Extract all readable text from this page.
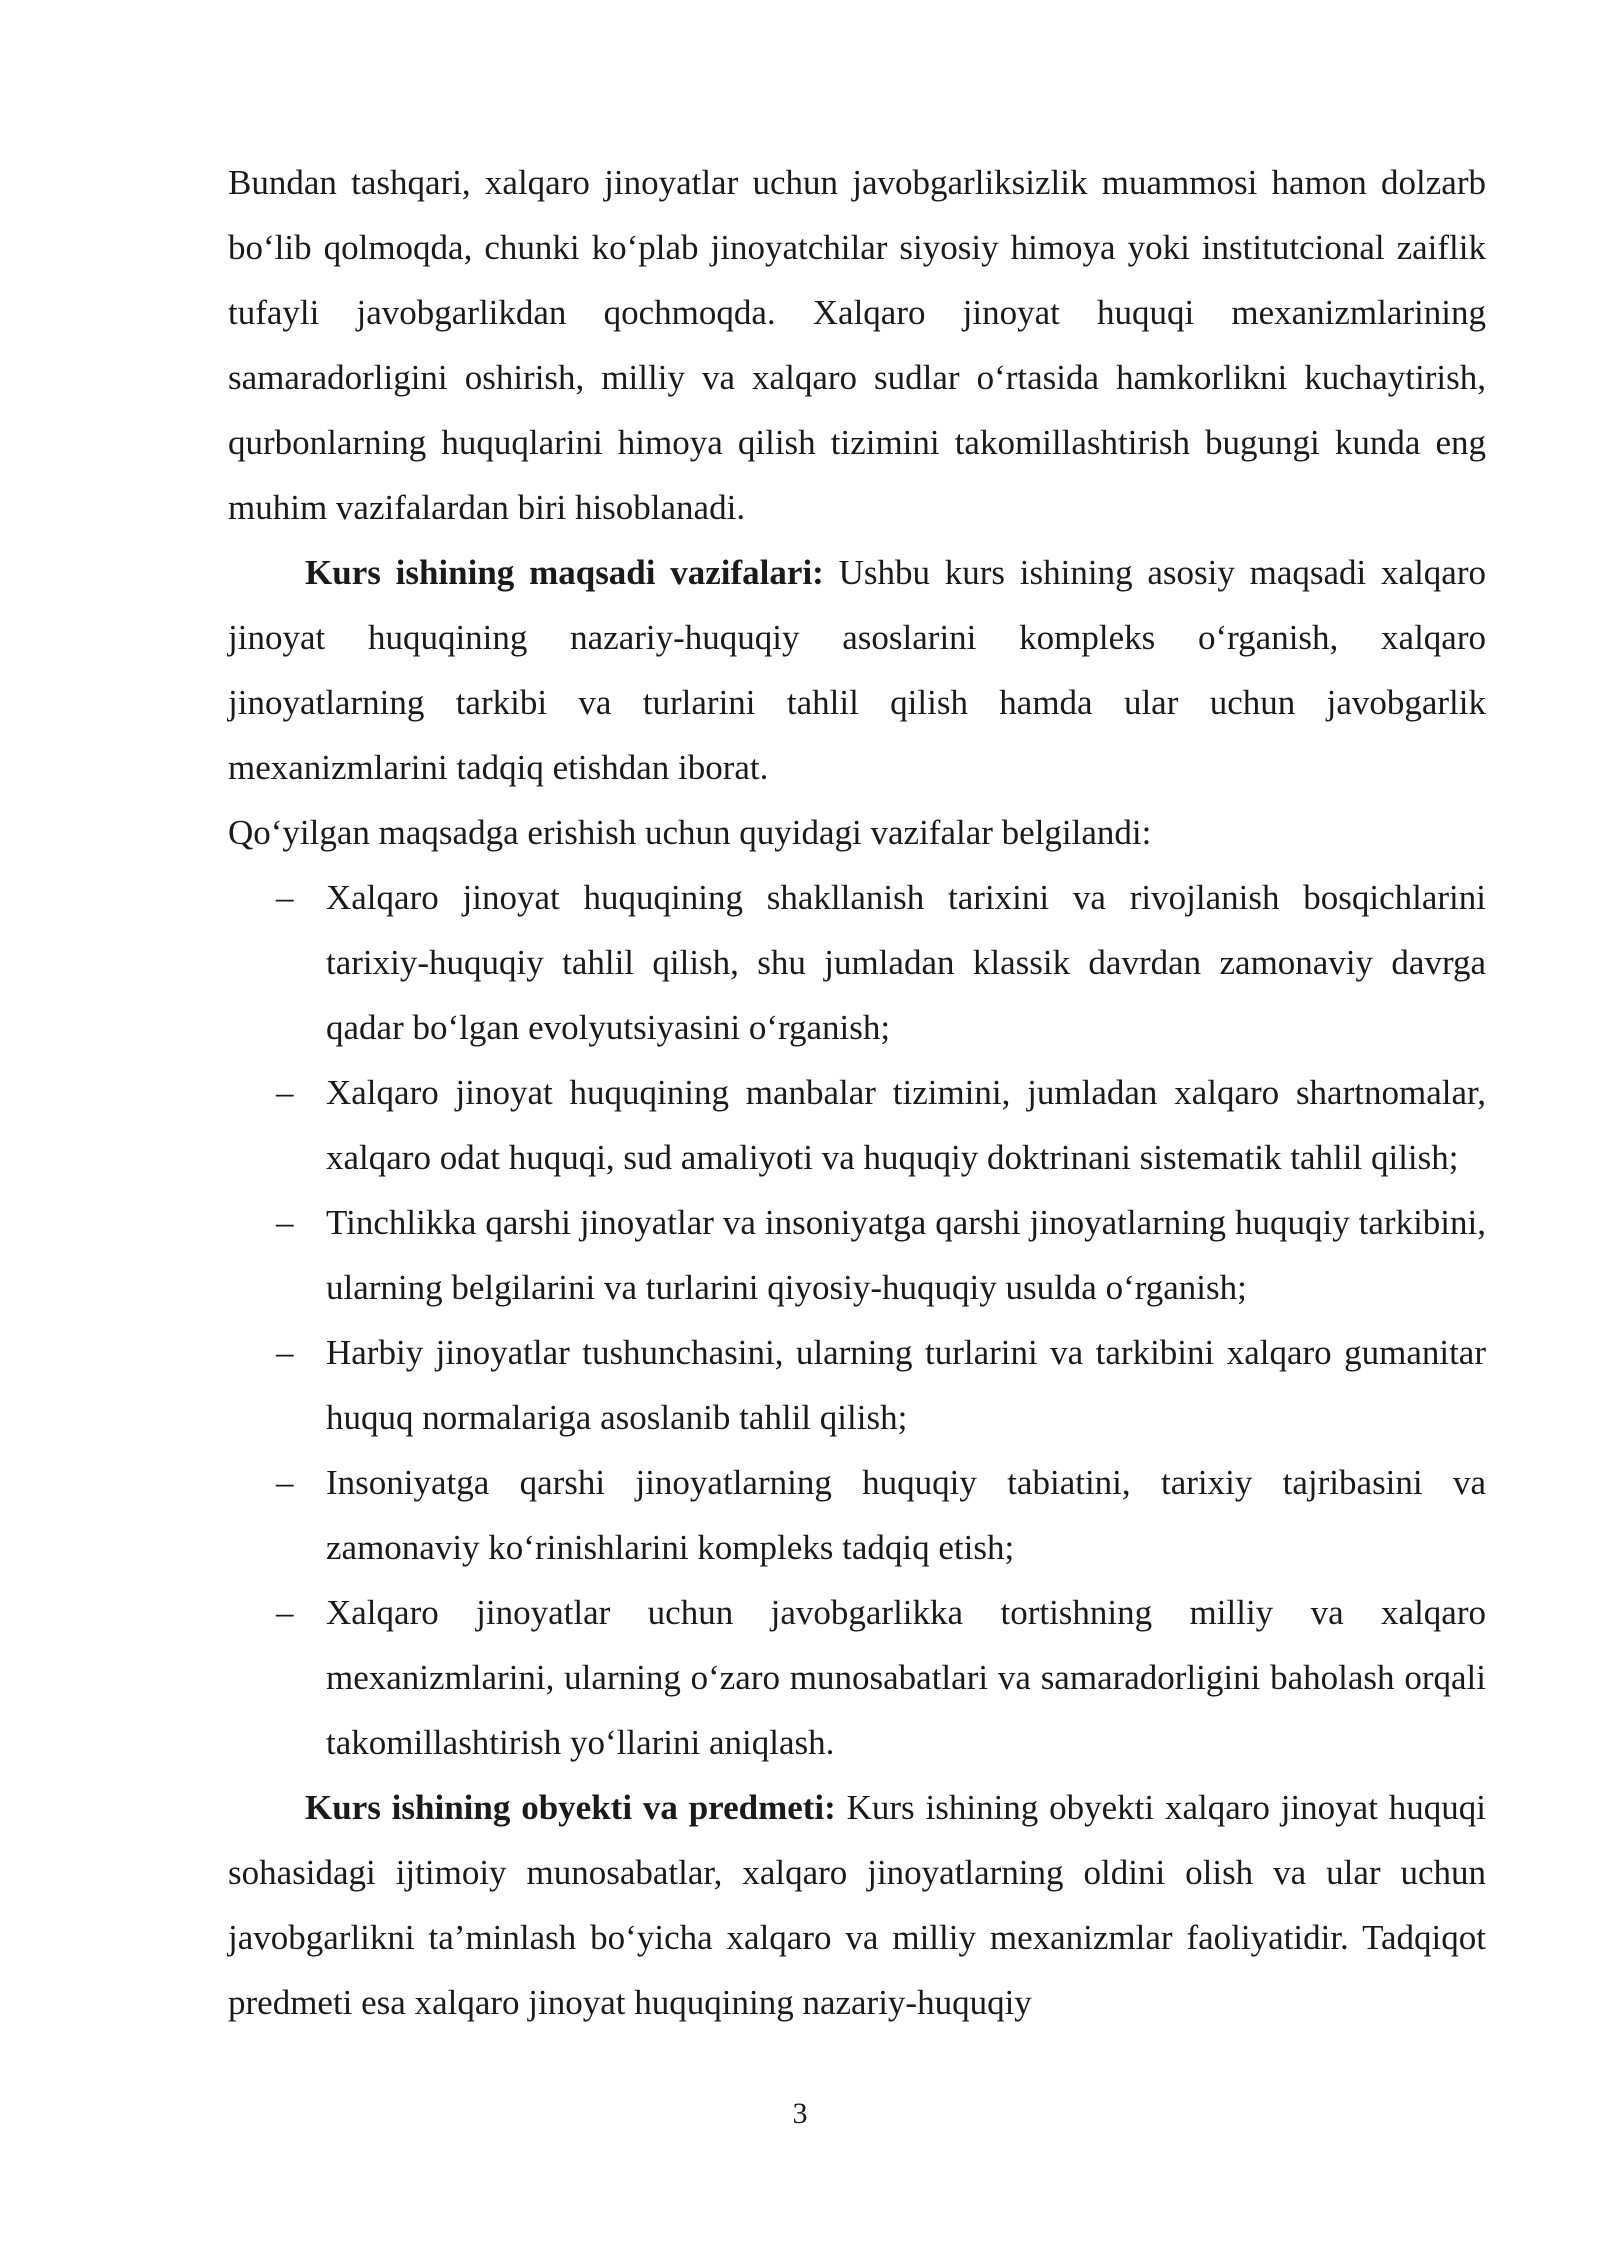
Bundan tashqari, xalqaro jinoyatlar uchun javobgarliksizlik muammosi hamon dolzarb bo‘lib qolmoqda, chunki ko‘plab jinoyatchilar siyosiy himoya yoki institutcional zaiflik tufayli javobgarlikdan qochmoqda. Xalqaro jinoyat huquqi mexanizmlarining samaradorligini oshirish, milliy va xalqaro sudlar o‘rtasida hamkorlikni kuchaytirish, qurbonlarning huquqlarini himoya qilish tizimini takomillashtirish bugungi kunda eng muhim vazifalardan biri hisoblanadi.

Kurs ishining maqsadi vazifalari: Ushbu kurs ishining asosiy maqsadi xalqaro jinoyat huquqining nazariy-huquqiy asoslarini kompleks o‘rganish, xalqaro jinoyatlarning tarkibi va turlarini tahlil qilish hamda ular uchun javobgarlik mexanizmlarini tadqiq etishdan iborat.

Qo‘yilgan maqsadga erishish uchun quyidagi vazifalar belgilandi:

– Xalqaro jinoyat huquqining shakllanish tarixini va rivojlanish bosqichlarini tarixiy-huquqiy tahlil qilish, shu jumladan klassik davrdan zamonaviy davrga qadar bo‘lgan evolyutsiyasini o‘rganish;
– Xalqaro jinoyat huquqining manbalar tizimini, jumladan xalqaro shartnomalar, xalqaro odat huquqi, sud amaliyoti va huquqiy doktrinani sistematik tahlil qilish;
– Tinchlikka qarshi jinoyatlar va insoniyatga qarshi jinoyatlarning huquqiy tarkibini, ularning belgilarini va turlarini qiyosiy-huquqiy usulda o‘rganish;
– Harbiy jinoyatlar tushunchasini, ularning turlarini va tarkibini xalqaro gumanitar huquq normalariga asoslanib tahlil qilish;
– Insoniyatga qarshi jinoyatlarning huquqiy tabiatini, tarixiy tajribasini va zamonaviy ko‘rinishlarini kompleks tadqiq etish;
– Xalqaro jinoyatlar uchun javobgarlikka tortishning milliy va xalqaro mexanizmlarini, ularning o‘zaro munosabatlari va samaradorligini baholash orqali takomillashtirish yo‘llarini aniqlash.

Kurs ishining obyekti va predmeti: Kurs ishining obyekti xalqaro jinoyat huquqi sohasidagi ijtimoiy munosabatlar, xalqaro jinoyatlarning oldini olish va ular uchun javobgarlikni ta’minlash bo‘yicha xalqaro va milliy mexanizmlar faoliyatidir. Tadqiqot predmeti esa xalqaro jinoyat huquqining nazariy-huquqiy

3
